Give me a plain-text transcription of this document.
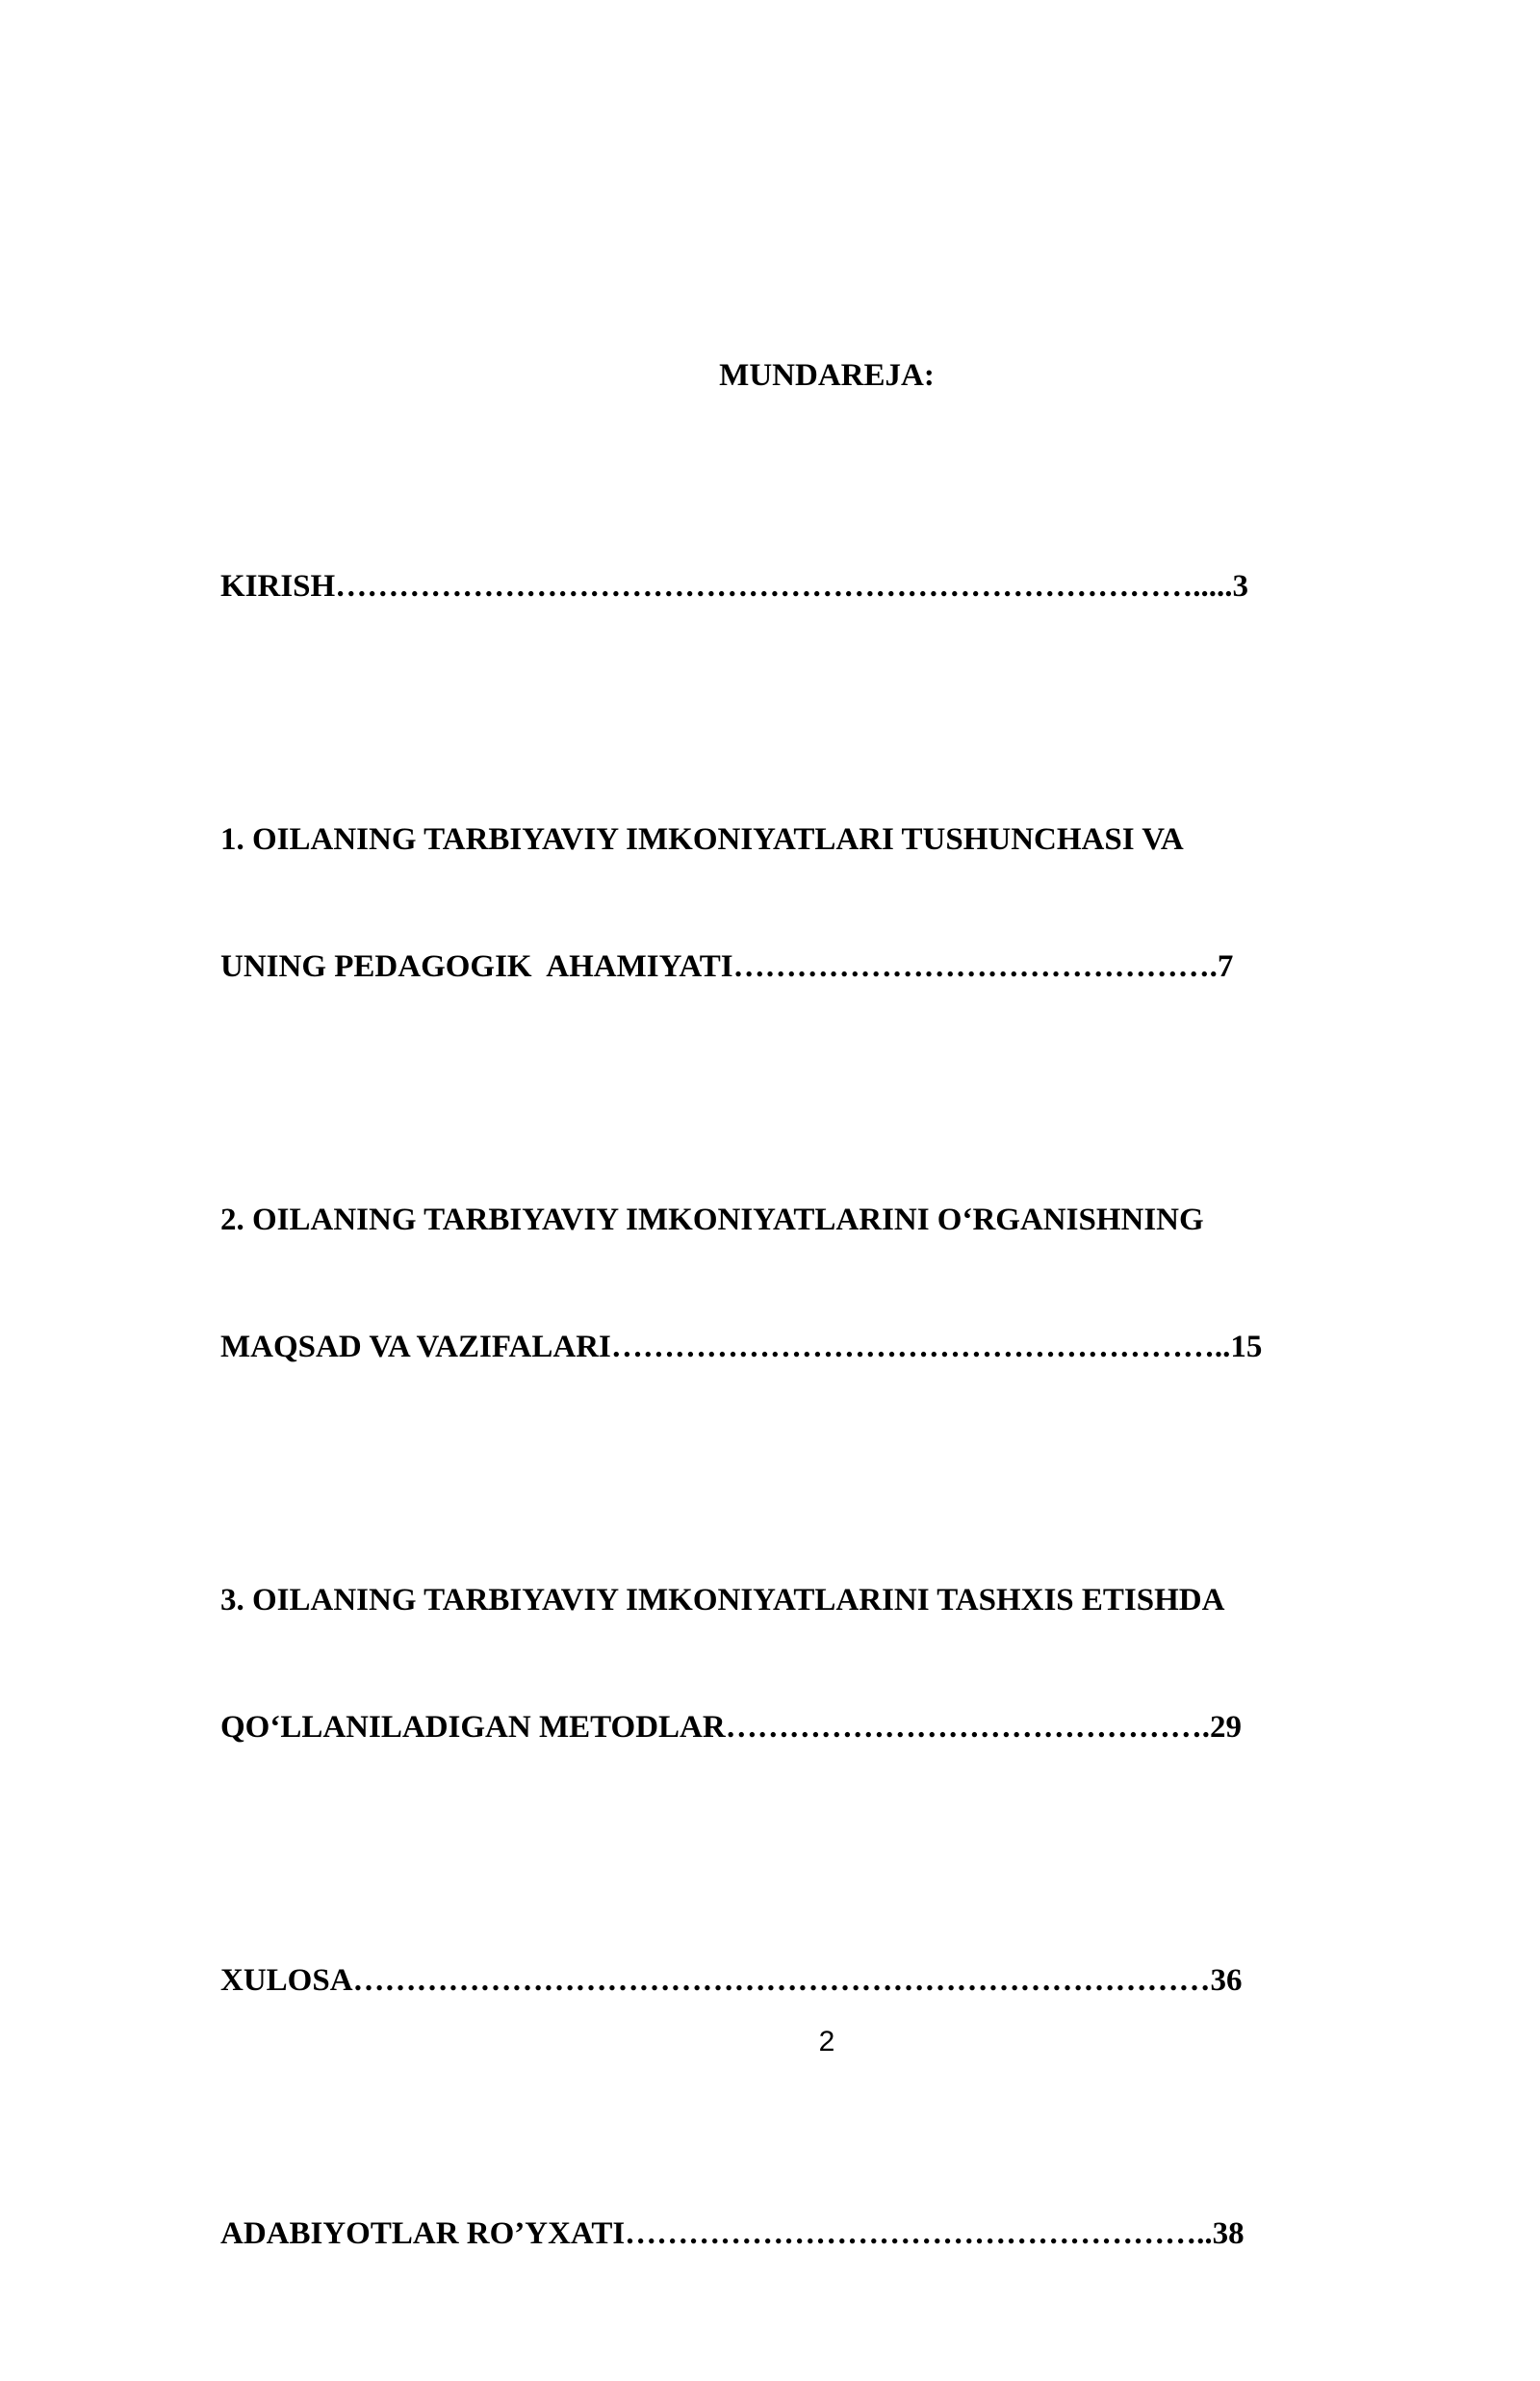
MUNDAREJA:

KIRISH……………………………………………………………………….....3

1. OILANING TARBIYAVIY IMKONIYATLARI TUSHUNCHASI VA

UNING PEDAGOGIK  AHAMIYATI……………………………………….7

2. OILANING TARBIYAVIY IMKONIYATLARINI O‘RGANISHNING

MAQSAD VA VAZIFALARI…………………………………………………..15

3. OILANING TARBIYAVIY IMKONIYATLARINI TASHXIS ETISHDA

QO‘LLANILADIGAN METODLAR……………………………………….29

XULOSA………………………………………………………………………36

ADABIYOTLAR RO’YXATI………………………………………………..38

2
